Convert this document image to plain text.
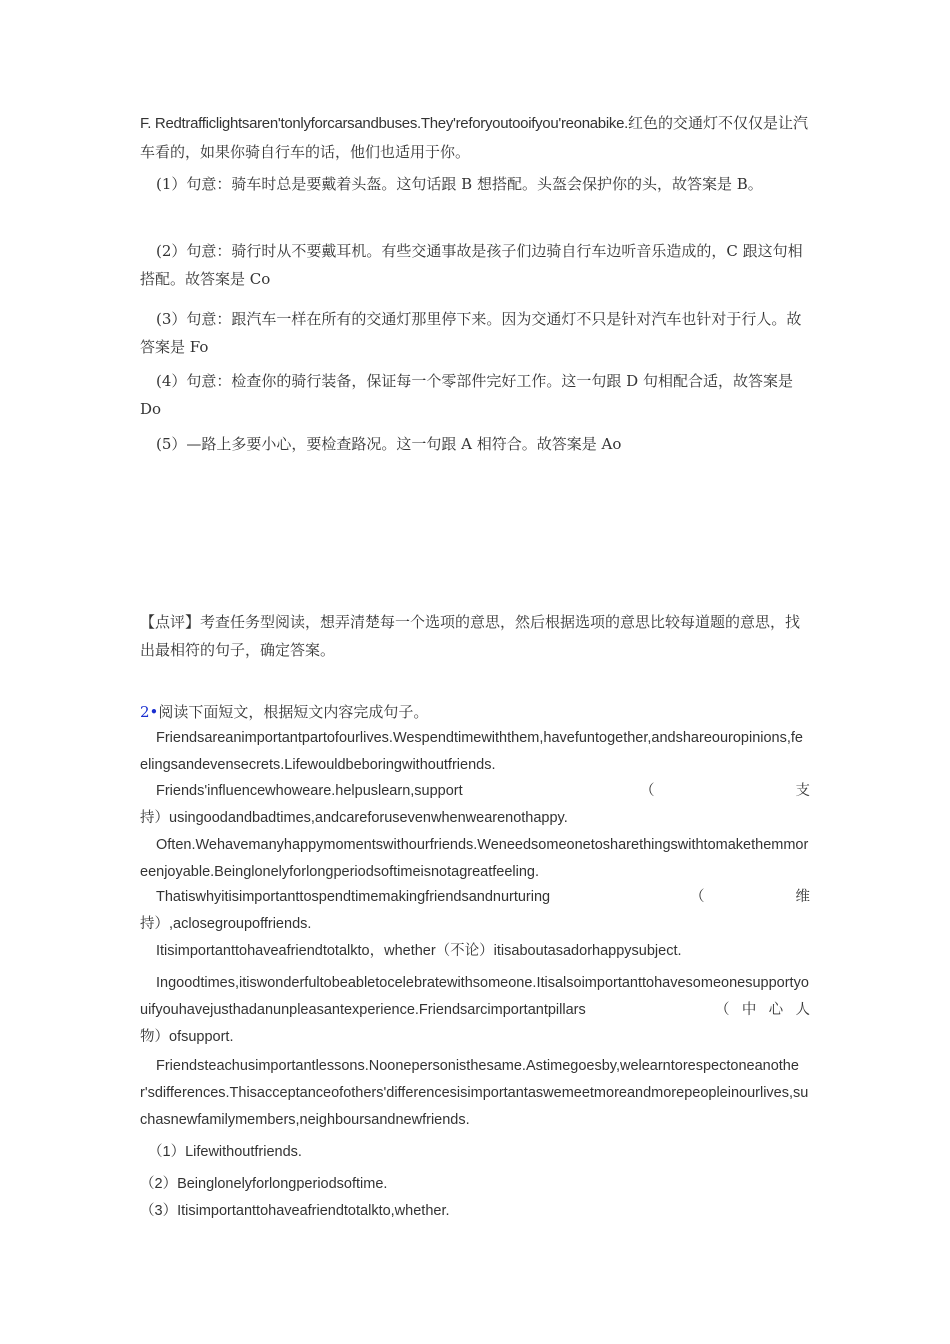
F. Redtrafficlightsaren'tonlyforcarsandbuses.They'reforyoutooifyou'reonabike.红色的交通灯不仅仅是让汽车看的，如果你骑自行车的话，他们也适用于你。

(1）句意：骑车时总是要戴着头盔。这句话跟 B 想搭配。头盔会保护你的头，故答案是 B。

(2）句意：骑行时从不要戴耳机。有些交通事故是孩子们边骑自行车边听音乐造成的，C 跟这句相搭配。故答案是 Co

(3）句意：跟汽车一样在所有的交通灯那里停下来。因为交通灯不只是针对汽车也针对于行人。故答案是 Fo

(4）句意：检查你的骑行装备，保证每一个零部件完好工作。这一句跟 D 句相配合适，故答案是 Do

(5）—路上多要小心，要检查路况。这一句跟 A 相符合。故答案是 Ao

【点评】考查任务型阅读，想弄清楚每一个选项的意思，然后根据选项的意思比较每道题的意思，找出最相符的句子，确定答案。

2•阅读下面短文，根据短文内容完成句子。

Friendsareanimportantpartofourlives.Wespendtimewiththem,havefuntogether,andshareouropinions,feelingsandevensecrets.Lifewouldbeboringwithoutfriends.

Friends'influencewhoweare.helpuslearn,support	（	支
持）usingoodandbadtimes,andcareforusevenwhenwearenothappy.

Often.Wehavemanyhappymomentswithourfriends.Weneedsomeonetosharethingswithtomakethemmoreenjoyable.Beinglonelyforlongperiodsoftimeisnotagreatfeeling.

Thatiswhyitisimportanttospendtimemakingfriendsandnurturing	（	维
持）,aclosegroupoffriends.

Itisimportanttohaveafriendtotalkto，whether（不论）itisaboutasadorhappysubject.

Ingoodtimes,itiswonderfultobeabletocelebratewithsomeone.Itisalsoimportanttohavesomeonesupportyouifyouhavejusthadanunpleasantexperience.Friendsarcimportantpillars	（中心人
物）ofsupport.

Friendsteachusimportantlessons.Noonepersonisthesame.Astimegoesby,welearntorespectoneanother'sdifferences.Thisacceptanceofothers'differencesisimportantaswemeetmoreandmorepeopleinourlives,suchasnewfamilymembers,neighboursandnewfriends.

（1）Lifewithoutfriends.

（2）Beinglonelyforlongperiodsoftime.

（3）Itisimportanttohaveafriendtotalkto,whether.
